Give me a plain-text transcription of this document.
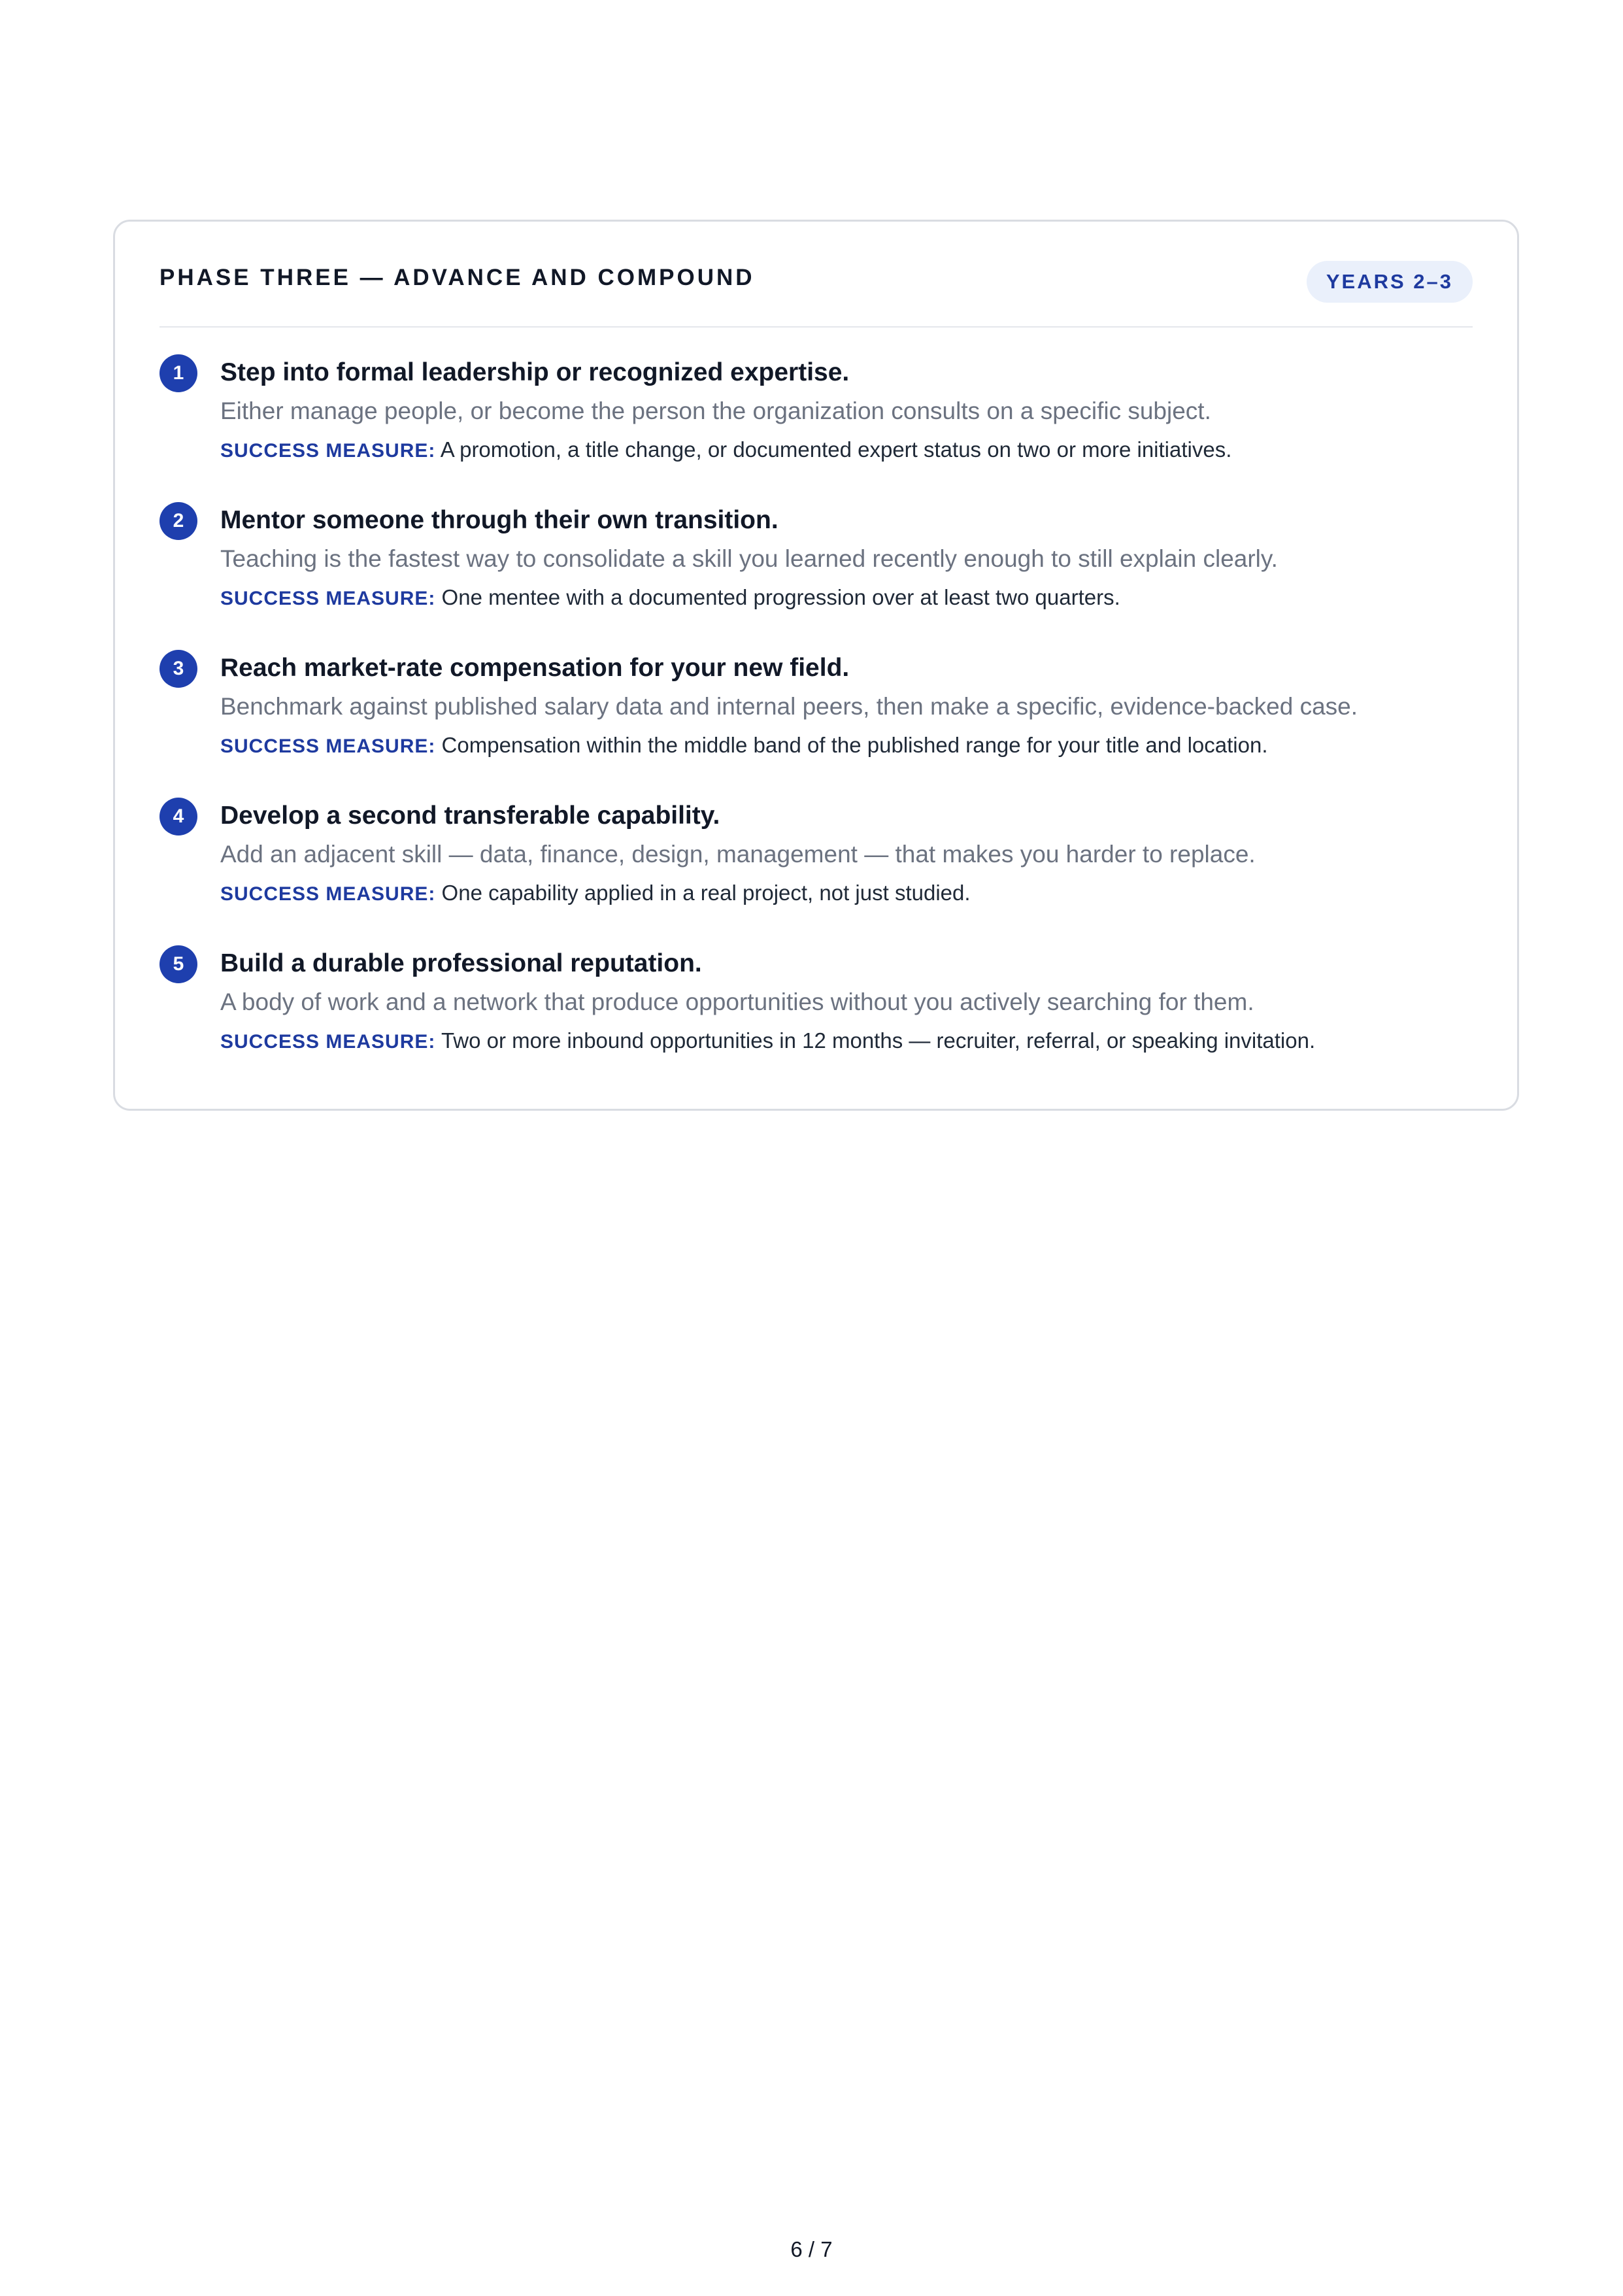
PHASE THREE — ADVANCE AND COMPOUND	YEARS 2–3
1	Step into formal leadership or recognized expertise.
Either manage people, or become the person the organization consults on a specific subject.
SUCCESS MEASURE: A promotion, a title change, or documented expert status on two or more initiatives.
2	Mentor someone through their own transition.
Teaching is the fastest way to consolidate a skill you learned recently enough to still explain clearly.
SUCCESS MEASURE: One mentee with a documented progression over at least two quarters.
3	Reach market-rate compensation for your new field.
Benchmark against published salary data and internal peers, then make a specific, evidence-backed case.
SUCCESS MEASURE: Compensation within the middle band of the published range for your title and location.
4	Develop a second transferable capability.
Add an adjacent skill — data, finance, design, management — that makes you harder to replace.
SUCCESS MEASURE: One capability applied in a real project, not just studied.
5	Build a durable professional reputation.
A body of work and a network that produce opportunities without you actively searching for them.
SUCCESS MEASURE: Two or more inbound opportunities in 12 months — recruiter, referral, or speaking invitation.
6 / 7
